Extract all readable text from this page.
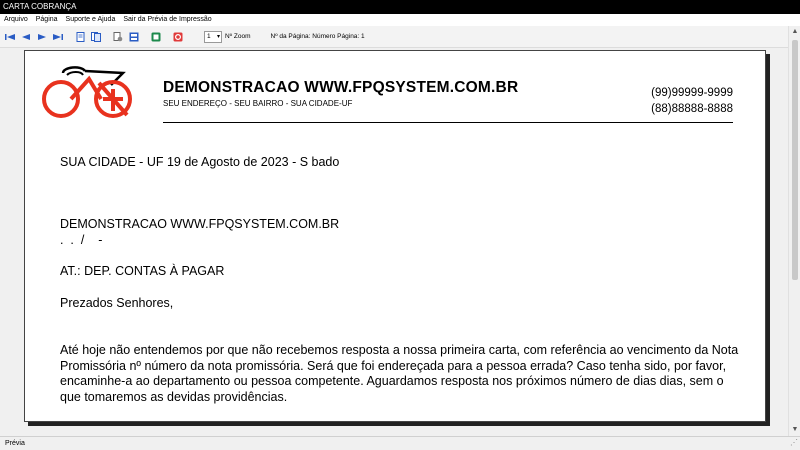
CARTA COBRANÇA
Arquivo Página Suporte e Ajuda Sair da Prévia de Impressão
1 ▾	Nº Zoom	Nº da Página: Número Página: 1
DEMONSTRACAO WWW.FPQSYSTEM.COM.BR
SEU ENDEREÇO - SEU BAIRRO - SUA CIDADE-UF
(99)99999-9999
(88)88888-8888
SUA CIDADE - UF 19 de Agosto de 2023 - S bado
DEMONSTRACAO WWW.FPQSYSTEM.COM.BR
.  .  /    -
AT.: DEP. CONTAS À PAGAR
Prezados Senhores,
Até hoje não entendemos por que não recebemos resposta a nossa primeira carta, com referência ao vencimento da Nota Promissória nº número da nota promissória. Será que foi endereçada para a pessoa errada? Caso tenha sido, por favor, encaminhe-a ao departamento ou pessoa competente. Aguardamos resposta nos próximos número de dias dias, sem o que tomaremos as devidas providências.
▲
▼
Prévia	⋰
